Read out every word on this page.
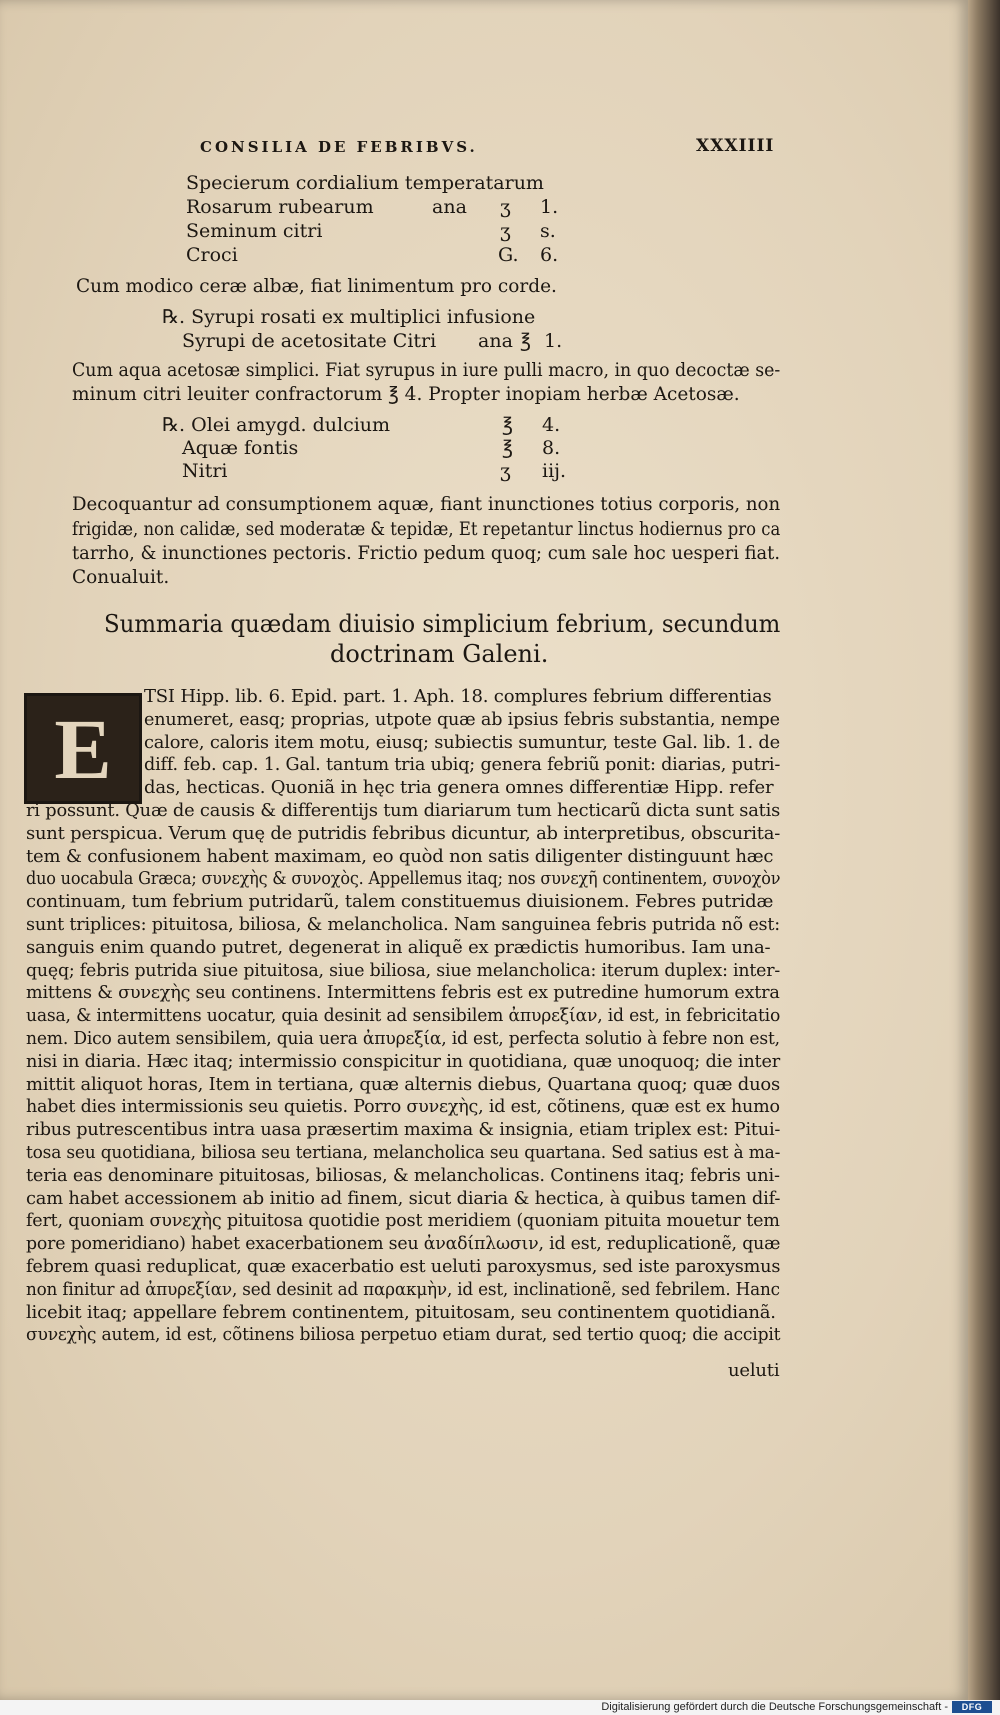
CONSILIA DE FEBRIBVS.	XXXIIII
Specierum cordialium temperatarum
Rosarum rubearum	ana ʒ 1.
Seminum citri	ʒ s.
Croci	G. 6.
Cum modico ceræ albæ, fiat linimentum pro corde.
℞. Syrupi rosati ex multiplici infusione
Syrupi de acetositate Citri ana ℥ 1.
Cum aqua acetosæ simplici. Fiat syrupus in iure pulli macro, in quo decoctæ se-
minum citri leuiter confractorum ℥ 4. Propter inopiam herbæ Acetosæ.
℞. Olei amygd. dulcium	℥ 4.
Aquæ fontis	℥ 8.
Nitri	ʒ iij.
Decoquantur ad consumptionem aquæ, fiant inunctiones totius corporis, non
frigidæ, non calidæ, sed moderatæ & tepidæ, Et repetantur linctus hodiernus pro ca
tarrho, & inunctiones pectoris. Frictio pedum quoq; cum sale hoc uesperi fiat.
Conualuit.
Summaria quædam diuisio simplicium febrium, secundum
doctrinam Galeni.
E
TSI Hipp. lib. 6. Epid. part. 1. Aph. 18. complures febrium differentias
enumeret, easq; proprias, utpote quæ ab ipsius febris substantia, nempe
calore, caloris item motu, eiusq; subiectis sumuntur, teste Gal. lib. 1. de
diff. feb. cap. 1. Gal. tantum tria ubiq; genera febriũ ponit: diarias, putri-
das, hecticas. Quoniã in hęc tria genera omnes differentiæ Hipp. refer
ri possunt. Quæ de causis & differentijs tum diariarum tum hecticarũ dicta sunt satis
sunt perspicua. Verum quę de putridis febribus dicuntur, ab interpretibus, obscurita-
tem & confusionem habent maximam, eo quòd non satis diligenter distinguunt hæc
duo uocabula Græca; συνεχὴς & συνοχὸς. Appellemus itaq; nos συνεχῆ continentem, συνοχὸν
continuam, tum febrium putridarũ, talem constituemus diuisionem. Febres putridæ
sunt triplices: pituitosa, biliosa, & melancholica. Nam sanguinea febris putrida nõ est:
sanguis enim quando putret, degenerat in aliquẽ ex prædictis humoribus. Iam una-
quęq; febris putrida siue pituitosa, siue biliosa, siue melancholica: iterum duplex: inter-
mittens & συνεχὴς seu continens. Intermittens febris est ex putredine humorum extra
uasa, & intermittens uocatur, quia desinit ad sensibilem ἀπυρεξίαν, id est, in febricitatio
nem. Dico autem sensibilem, quia uera ἀπυρεξία, id est, perfecta solutio à febre non est,
nisi in diaria. Hæc itaq; intermissio conspicitur in quotidiana, quæ unoquoq; die inter
mittit aliquot horas, Item in tertiana, quæ alternis diebus, Quartana quoq; quæ duos
habet dies intermissionis seu quietis. Porro συνεχὴς, id est, cõtinens, quæ est ex humo
ribus putrescentibus intra uasa præsertim maxima & insignia, etiam triplex est: Pitui-
tosa seu quotidiana, biliosa seu tertiana, melancholica seu quartana. Sed satius est à ma-
teria eas denominare pituitosas, biliosas, & melancholicas. Continens itaq; febris uni-
cam habet accessionem ab initio ad finem, sicut diaria & hectica, à quibus tamen dif-
fert, quoniam συνεχὴς pituitosa quotidie post meridiem (quoniam pituita mouetur tem
pore pomeridiano) habet exacerbationem seu ἀναδίπλωσιν, id est, reduplicationẽ, quæ
febrem quasi reduplicat, quæ exacerbatio est ueluti paroxysmus, sed iste paroxysmus
non finitur ad ἀπυρεξίαν, sed desinit ad παρακμὴν, id est, inclinationẽ, sed febrilem. Hanc
licebit itaq; appellare febrem continentem, pituitosam, seu continentem quotidianã.
συνεχὴς autem, id est, cõtinens biliosa perpetuo etiam durat, sed tertio quoq; die accipit
ueluti
Digitalisierung gefördert durch die Deutsche Forschungsgemeinschaft - DFG
